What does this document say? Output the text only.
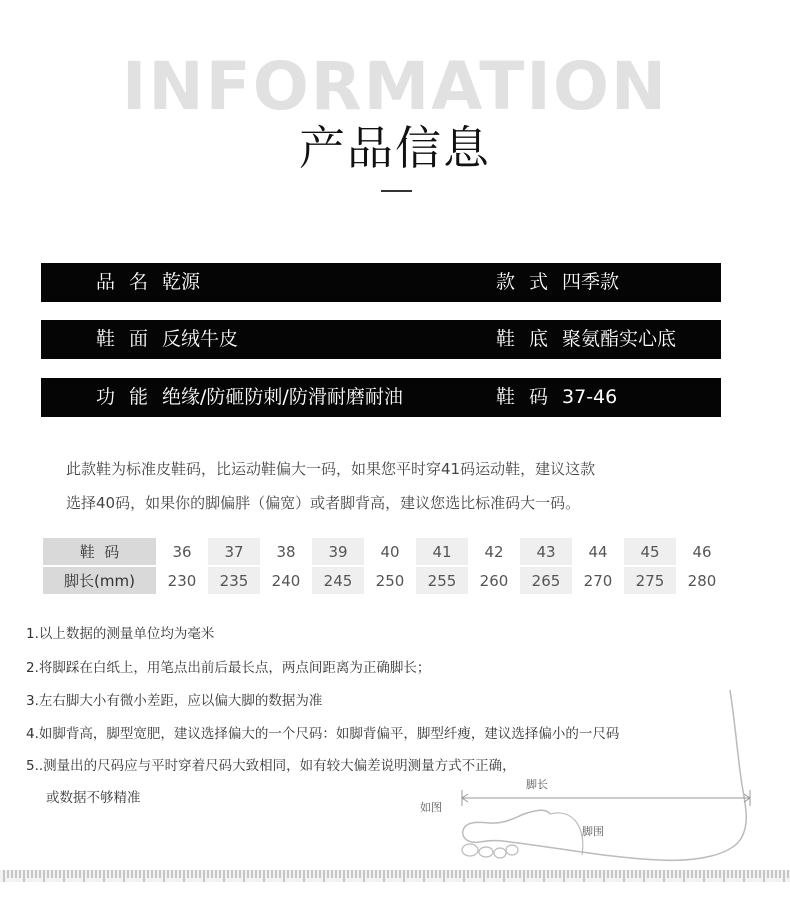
INFORMATION
产品信息
品名乾源	款式四季款
鞋面反绒牛皮	鞋底聚氨酯实心底
功能绝缘/防砸防刺/防滑耐磨耐油	鞋码37-46
此款鞋为标准皮鞋码，比运动鞋偏大一码，如果您平时穿41码运动鞋，建议这款
选择40码，如果你的脚偏胖（偏宽）或者脚背高，建议您选比标准码大一码。
鞋  码	36	37	38	39	40	41	42	43	44	45	46
脚长(mm)	230	235	240	245	250	255	260	265	270	275	280
1.以上数据的测量单位均为毫米
2.将脚踩在白纸上，用笔点出前后最长点，两点间距离为正确脚长；
3.左右脚大小有微小差距，应以偏大脚的数据为准
4.如脚背高，脚型宽肥，建议选择偏大的一个尺码：如脚背偏平，脚型纤瘦，建议选择偏小的一尺码
5..测量出的尺码应与平时穿着尺码大致相同，如有较大偏差说明测量方式不正确，
或数据不够精准
脚长
如图
脚围
